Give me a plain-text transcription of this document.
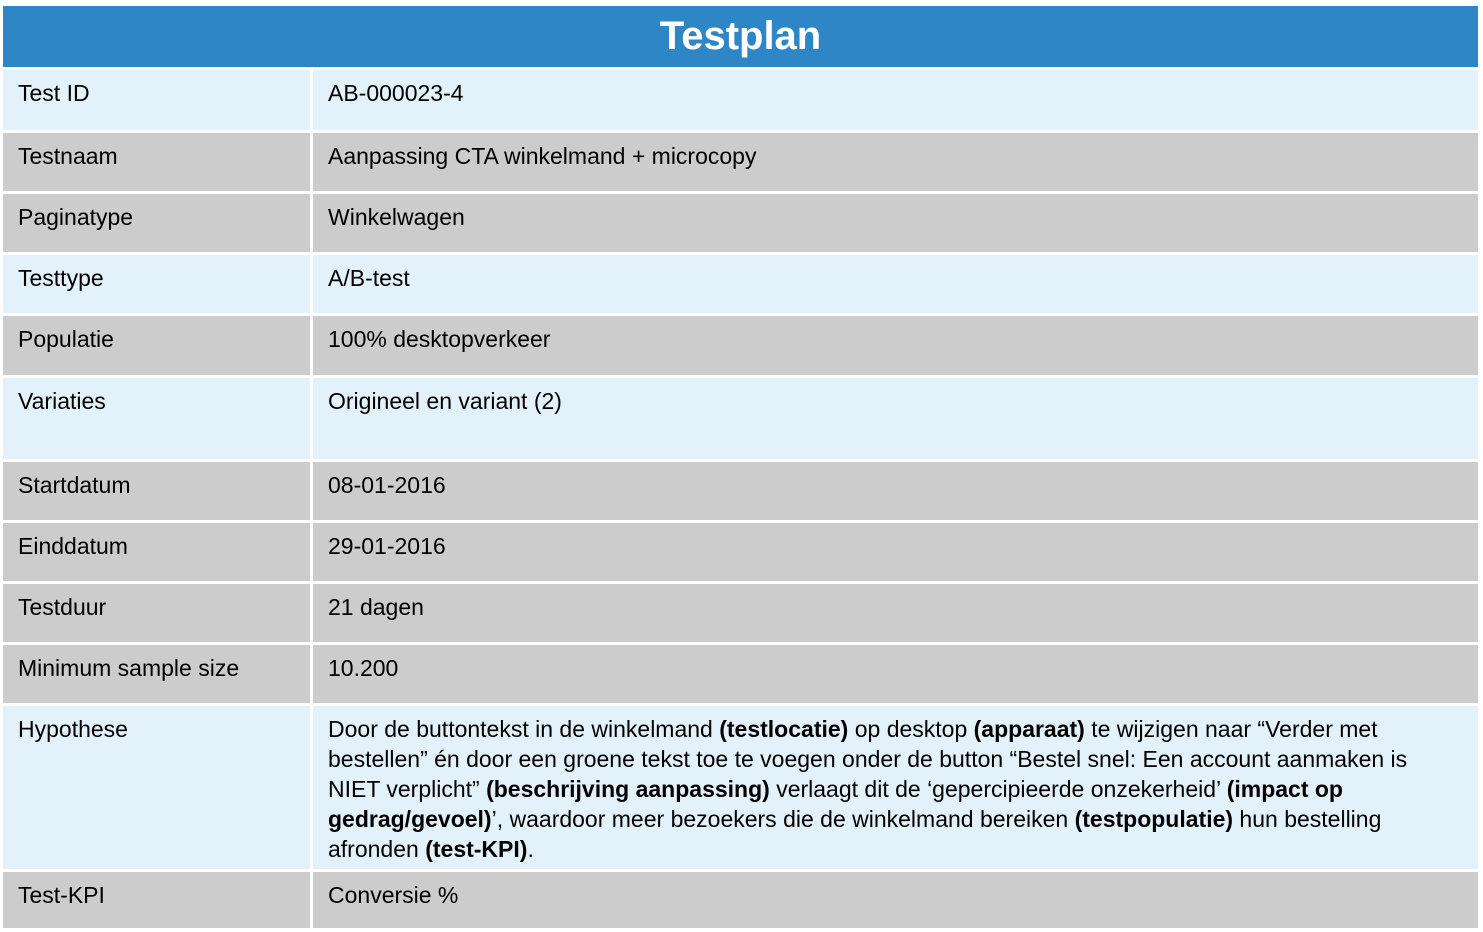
Testplan
Test ID	AB-000023-4
Testnaam	Aanpassing CTA winkelmand + microcopy
Paginatype	Winkelwagen
Testtype	A/B-test
Populatie	100% desktopverkeer
Variaties	Origineel en variant (2)
Startdatum	08-01-2016
Einddatum	29-01-2016
Testduur	21 dagen
Minimum sample size	10.200
Hypothese	Door de buttontekst in de winkelmand (testlocatie) op desktop (apparaat) te wijzigen naar “Verder met bestellen” én door een groene tekst toe te voegen onder de button “Bestel snel: Een account aanmaken is NIET verplicht” (beschrijving aanpassing) verlaagt dit de ‘gepercipieerde onzekerheid’ (impact op gedrag/gevoel)’, waardoor meer bezoekers die de winkelmand bereiken (testpopulatie) hun bestelling afronden (test-KPI).
Test-KPI	Conversie %
